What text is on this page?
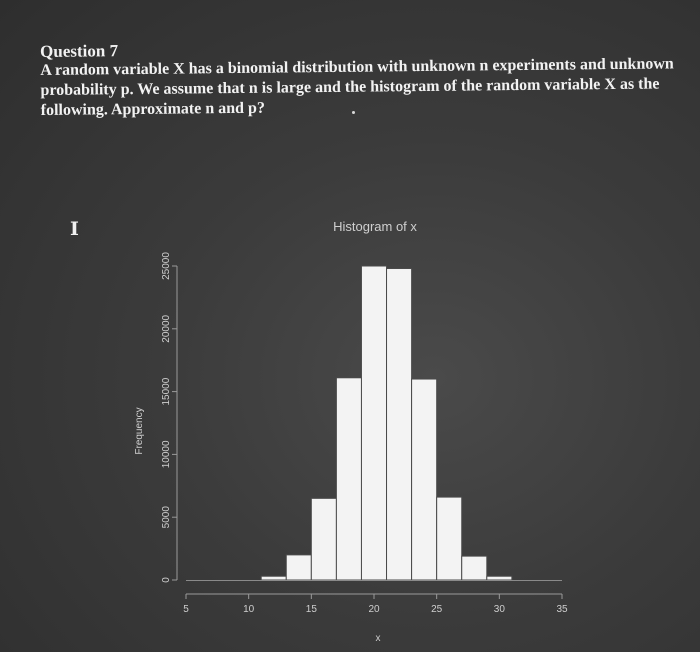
Question 7
A random variable X has a binomial distribution with unknown n experiments and unknown probability p. We assume that n is large and the histogram of the random variable X as the following. Approximate n and p?
I
5	10	15	20	25	30	35
0
5000
10000
15000
20000
25000
Histogram of x
Frequency
x
